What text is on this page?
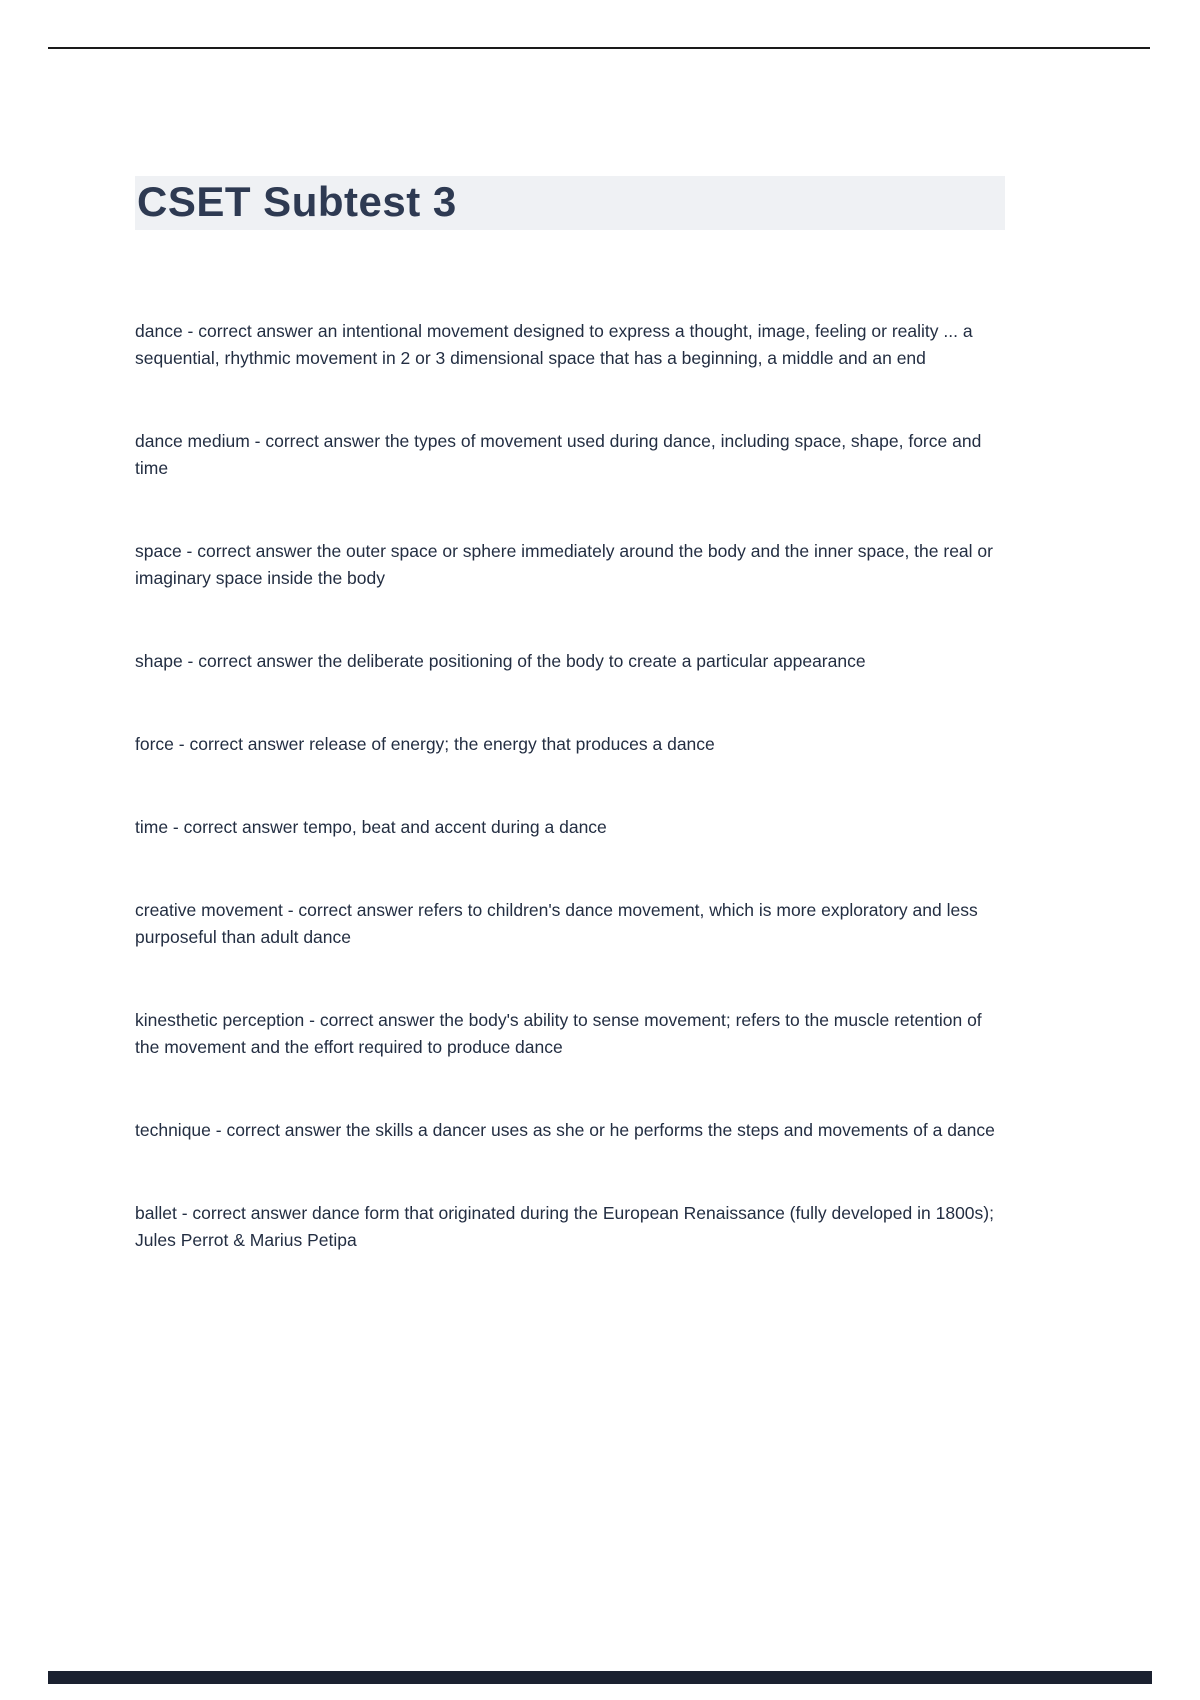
CSET Subtest 3

dance - correct answer an intentional movement designed to express a thought, image, feeling or reality ... a sequential, rhythmic movement in 2 or 3 dimensional space that has a beginning, a middle and an end

dance medium - correct answer the types of movement used during dance, including space, shape, force and time

space - correct answer the outer space or sphere immediately around the body and the inner space, the real or imaginary space inside the body

shape - correct answer the deliberate positioning of the body to create a particular appearance

force - correct answer release of energy; the energy that produces a dance

time - correct answer tempo, beat and accent during a dance

creative movement - correct answer refers to children's dance movement, which is more exploratory and less purposeful than adult dance

kinesthetic perception - correct answer the body's ability to sense movement; refers to the muscle retention of the movement and the effort required to produce dance

technique - correct answer the skills a dancer uses as she or he performs the steps and movements of a dance

ballet - correct answer dance form that originated during the European Renaissance (fully developed in 1800s); Jules Perrot & Marius Petipa
